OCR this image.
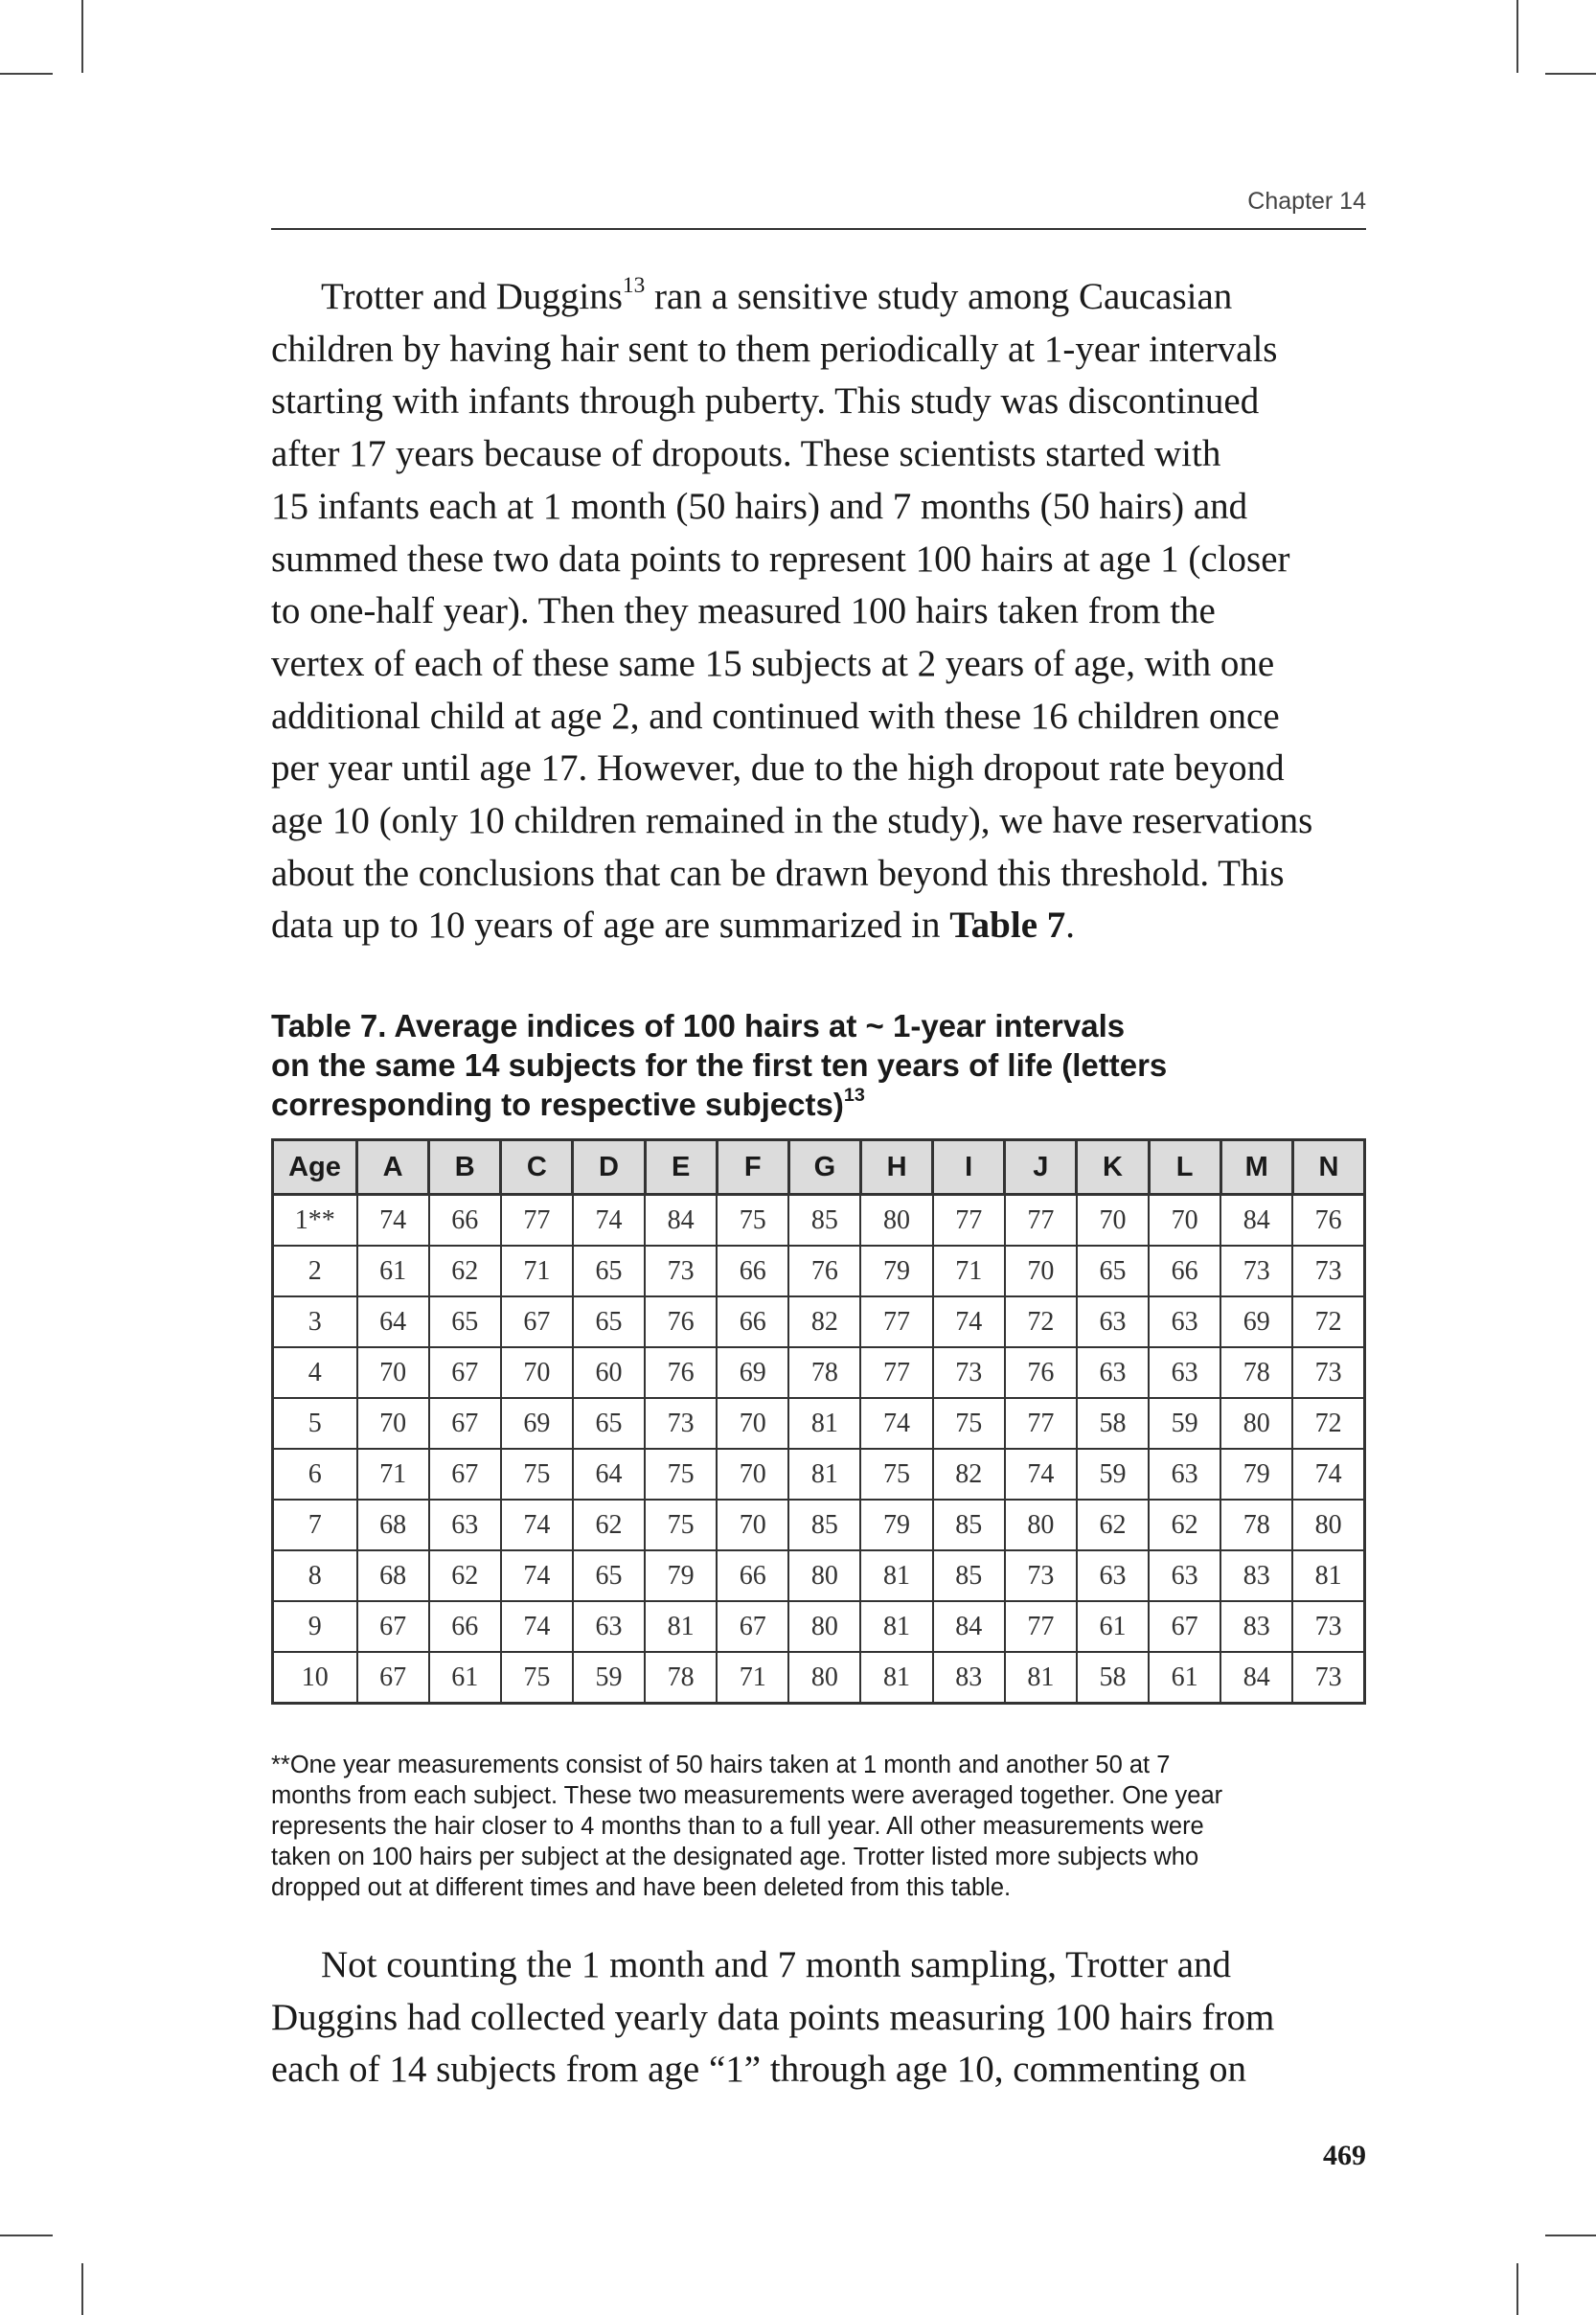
Chapter 14

Trotter and Duggins$^{13}$ ran a sensitive study among Caucasian
children by having hair sent to them periodically at 1-year intervals
starting with infants through puberty. This study was discontinued
after 17 years because of dropouts. These scientists started with
15 infants each at 1 month (50 hairs) and 7 months (50 hairs) and
summed these two data points to represent 100 hairs at age 1 (closer
to one-half year). Then they measured 100 hairs taken from the
vertex of each of these same 15 subjects at 2 years of age, with one
additional child at age 2, and continued with these 16 children once
per year until age 17. However, due to the high dropout rate beyond
age 10 (only 10 children remained in the study), we have reservations
about the conclusions that can be drawn beyond this threshold. This
data up to 10 years of age are summarized in Table 7.

Table 7. Average indices of 100 hairs at ~ 1-year intervals
on the same 14 subjects for the first ten years of life (letters
corresponding to respective subjects)$^{13}$

Age	A	B	C	D	E	F	G	H	I	J	K	L	M	N
1**	74	66	77	74	84	75	85	80	77	77	70	70	84	76
2	61	62	71	65	73	66	76	79	71	70	65	66	73	73
3	64	65	67	65	76	66	82	77	74	72	63	63	69	72
4	70	67	70	60	76	69	78	77	73	76	63	63	78	73
5	70	67	69	65	73	70	81	74	75	77	58	59	80	72
6	71	67	75	64	75	70	81	75	82	74	59	63	79	74
7	68	63	74	62	75	70	85	79	85	80	62	62	78	80
8	68	62	74	65	79	66	80	81	85	73	63	63	83	81
9	67	66	74	63	81	67	80	81	84	77	61	67	83	73
10	67	61	75	59	78	71	80	81	83	81	58	61	84	73

**One year measurements consist of 50 hairs taken at 1 month and another 50 at 7
months from each subject. These two measurements were averaged together. One year
represents the hair closer to 4 months than to a full year. All other measurements were
taken on 100 hairs per subject at the designated age. Trotter listed more subjects who
dropped out at different times and have been deleted from this table.

Not counting the 1 month and 7 month sampling, Trotter and
Duggins had collected yearly data points measuring 100 hairs from
each of 14 subjects from age “1” through age 10, commenting on

469
